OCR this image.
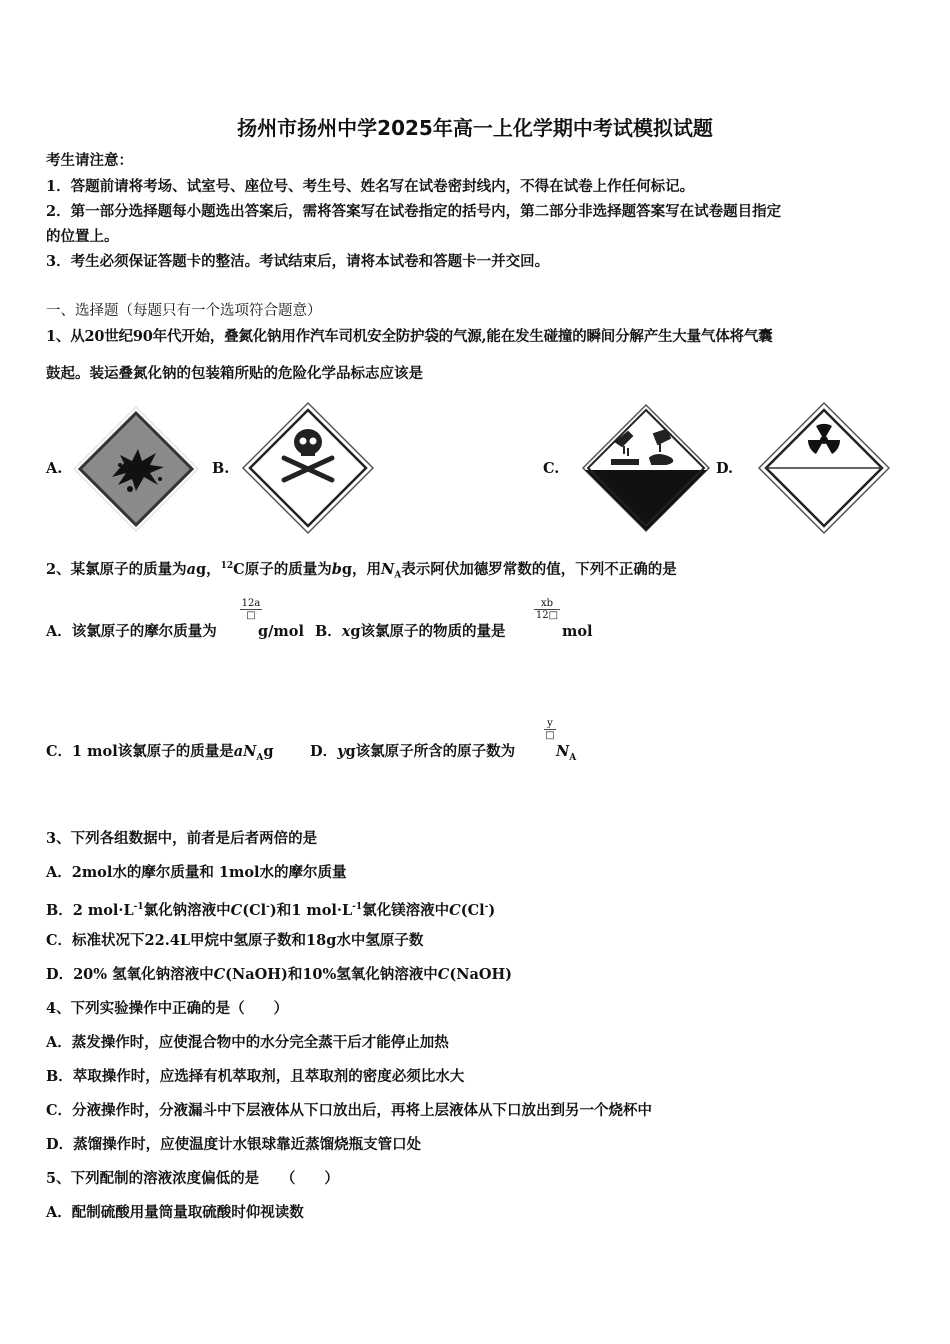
扬州市扬州中学2025年高一上化学期中考试模拟试题
考生请注意：
1．答题前请将考场、试室号、座位号、考生号、姓名写在试卷密封线内，不得在试卷上作任何标记。
2．第一部分选择题每小题选出答案后，需将答案写在试卷指定的括号内，第二部分非选择题答案写在试卷题目指定
的位置上。
3．考生必须保证答题卡的整洁。考试结束后，请将本试卷和答题卡一并交回。
一、选择题（每题只有一个选项符合题意）
1、从20世纪90年代开始，叠氮化钠用作汽车司机安全防护袋的气源,能在发生碰撞的瞬间分解产生大量气体将气囊
鼓起。装运叠氮化钠的包装箱所贴的危险化学品标志应该是
A.	B.	C.	D.
2、某氯原子的质量为ag，$^{12}$C原子的质量为bg，用$N_A$表示阿伏加德罗常数的值，下列不正确的是
A．该氯原子的摩尔质量为
12a
□
g/mol B．xg该氯原子的物质的量是
$\frac{xb}{12□}$
mol
C．1 mol该氯原子的质量是$aN_Ag$	D．yg该氯原子所含的原子数为
y
□
$N_A$
3、下列各组数据中，前者是后者两倍的是
A．2mol水的摩尔质量和 1mol水的摩尔质量
B．2 $mol\cdot L^{-1}$氯化钠溶液中C(Cl-)和1 $mol\cdot L^{-1}$氯化镁溶液中C(Cl-)
C．标准状况下22.4L甲烷中氢原子数和18g水中氢原子数
D．20% 氢氧化钠溶液中C(NaOH)和10%氢氧化钠溶液中C(NaOH)
4、下列实验操作中正确的是（　　）
A．蒸发操作时，应使混合物中的水分完全蒸干后才能停止加热
B．萃取操作时，应选择有机萃取剂，且萃取剂的密度必须比水大
C．分液操作时，分液漏斗中下层液体从下口放出后，再将上层液体从下口放出到另一个烧杯中
D．蒸馏操作时，应使温度计水银球靠近蒸馏烧瓶支管口处
5、下列配制的溶液浓度偏低的是　　（　　）
A．配制硫酸用量筒量取硫酸时仰视读数
